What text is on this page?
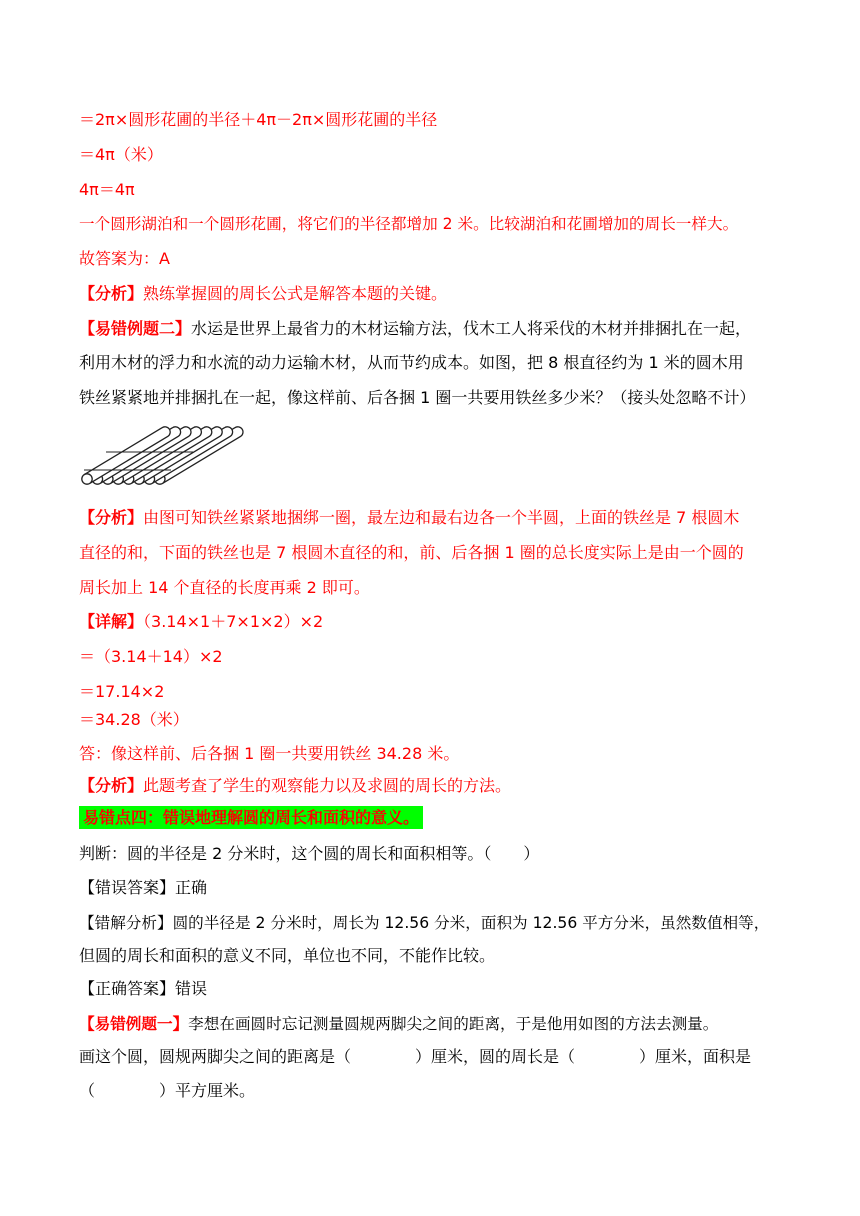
＝2π×圆形花圃的半径＋4π－2π×圆形花圃的半径
＝4π（米）
4π＝4π
一个圆形湖泊和一个圆形花圃，将它们的半径都增加 2 米。比较湖泊和花圃增加的周长一样大。
故答案为：A
【分析】熟练掌握圆的周长公式是解答本题的关键。
【易错例题二】水运是世界上最省力的木材运输方法，伐木工人将采伐的木材并排捆扎在一起，
利用木材的浮力和水流的动力运输木材，从而节约成本。如图，把 8 根直径约为 1 米的圆木用
铁丝紧紧地并排捆扎在一起，像这样前、后各捆 1 圈一共要用铁丝多少米？（接头处忽略不计）
【分析】由图可知铁丝紧紧地捆绑一圈，最左边和最右边各一个半圆，上面的铁丝是 7 根圆木
直径的和，下面的铁丝也是 7 根圆木直径的和，前、后各捆 1 圈的总长度实际上是由一个圆的
周长加上 14 个直径的长度再乘 2 即可。
【详解】（3.14×1＋7×1×2）×2
＝（3.14＋14）×2
＝17.14×2
＝34.28（米）
答：像这样前、后各捆 1 圈一共要用铁丝 34.28 米。
【分析】此题考查了学生的观察能力以及求圆的周长的方法。
易错点四：错误地理解圆的周长和面积的意义。
判断：圆的半径是 2 分米时，这个圆的周长和面积相等。（　　）
【错误答案】正确
【错解分析】圆的半径是 2 分米时，周长为 12.56 分米，面积为 12.56 平方分米，虽然数值相等，
但圆的周长和面积的意义不同，单位也不同，不能作比较。
【正确答案】错误
【易错例题一】李想在画圆时忘记测量圆规两脚尖之间的距离，于是他用如图的方法去测量。
画这个圆，圆规两脚尖之间的距离是（　　　　）厘米，圆的周长是（　　　　）厘米，面积是
（　　　　）平方厘米。
